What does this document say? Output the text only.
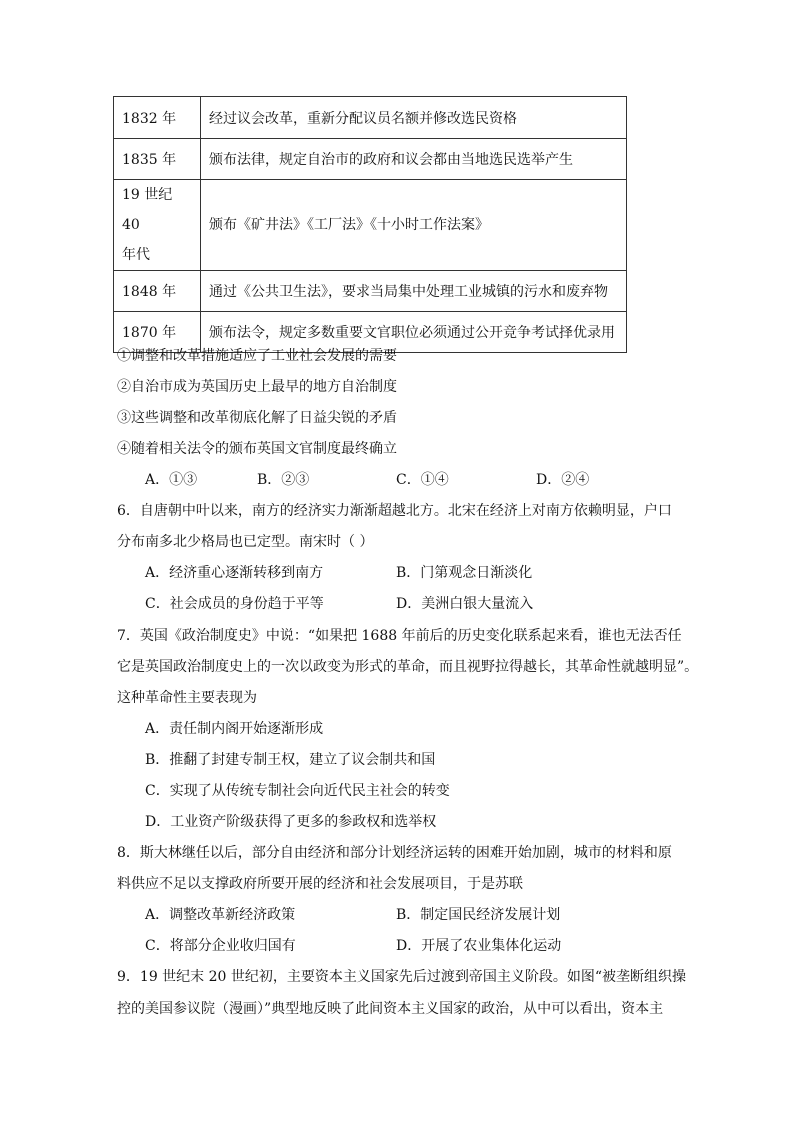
1832 年	经过议会改革，重新分配议员名额并修改选民资格
1835 年	颁布法律，规定自治市的政府和议会都由当地选民选举产生

19 世纪 40
年代	颁布《矿井法》《工厂法》《十小时工作法案》
1848 年	通过《公共卫生法》，要求当局集中处理工业城镇的污水和废弃物
1870 年	颁布法令，规定多数重要文官职位必须通过公开竞争考试择优录用
①调整和改革措施适应了工业社会发展的需要
②自治市成为英国历史上最早的地方自治制度
③这些调整和改革彻底化解了日益尖锐的矛盾
④随着相关法令的颁布英国文官制度最终确立
A．①③	B．②③	C．①④	D．②④
6．自唐朝中叶以来，南方的经济实力渐渐超越北方。北宋在经济上对南方依赖明显，户口
分布南多北少格局也已定型。南宋时（ ）
A．经济重心逐渐转移到南方	B．门第观念日渐淡化
C．社会成员的身份趋于平等	D．美洲白银大量流入
7．英国《政治制度史》中说：“如果把 1688 年前后的历史变化联系起来看，谁也无法否任
它是英国政治制度史上的一次以政变为形式的革命，而且视野拉得越长，其革命性就越明显”。
这种革命性主要表现为
A．责任制内阁开始逐渐形成
B．推翻了封建专制王权，建立了议会制共和国
C．实现了从传统专制社会向近代民主社会的转变
D．工业资产阶级获得了更多的参政权和选举权
8．斯大林继任以后，部分自由经济和部分计划经济运转的困难开始加剧，城市的材料和原
料供应不足以支撑政府所要开展的经济和社会发展项目，于是苏联
A．调整改革新经济政策	B．制定国民经济发展计划
C．将部分企业收归国有	D．开展了农业集体化运动
9．19 世纪末 20 世纪初，主要资本主义国家先后过渡到帝国主义阶段。如图“被垄断组织操
控的美国参议院（漫画）”典型地反映了此间资本主义国家的政治，从中可以看出，资本主
